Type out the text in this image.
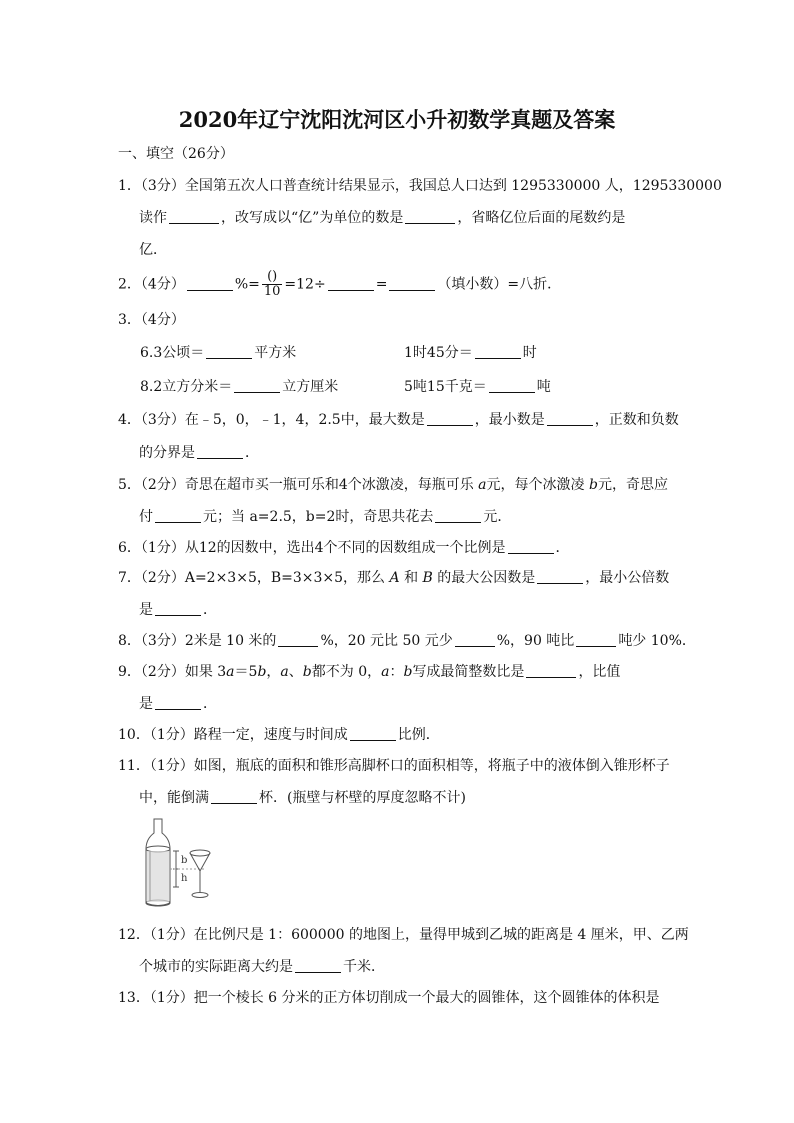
2020年辽宁沈阳沈河区小升初数学真题及答案
一、填空（26分）
1．（3分）全国第五次人口普查统计结果显示，我国总人口达到 1295330000 人，1295330000
读作	，改写成以“亿”为单位的数是	，省略亿位后面的尾数约是
亿．
2．（4分）	%= $\frac{()}{10} =12\div$	=	（填小数）=八折．
3．（4分）
6.3公顷＝	平方米	1时45分＝	时
8.2立方分米＝	立方厘米	5吨15千克＝	吨
4．（3分）在﹣5，0，﹣1，4，2.5中，最大数是	，最小数是	，正数和负数
的分界是	．
5．（2分）奇思在超市买一瓶可乐和4个冰激凌，每瓶可乐 a元，每个冰激凌 b元，奇思应
付	元；当 a=2.5，b=2时，奇思共花去	元．
6．（1分）从12的因数中，选出4个不同的因数组成一个比例是	．
7．（2分）A=2×3×5，B=3×3×5，那么 A 和 B 的最大公因数是	，最小公倍数
是	．
8．（3分）2米是 10 米的	%，20 元比 50 元少	%，90 吨比	吨少 10%．
9．（2分）如果 3a＝5b，a、b都不为 0，a：b写成最简整数比是	，比值
是	．
10．（1分）路程一定，速度与时间成	比例．
11．（1分）如图，瓶底的面积和锥形高脚杯口的面积相等，将瓶子中的液体倒入锥形杯子
中，能倒满	杯．(瓶壁与杯壁的厚度忽略不计)
b
h
12．（1分）在比例尺是 1：600000 的地图上，量得甲城到乙城的距离是 4 厘米，甲、乙两
个城市的实际距离大约是	千米．
13．（1分）把一个棱长 6 分米的正方体切削成一个最大的圆锥体，这个圆锥体的体积是
